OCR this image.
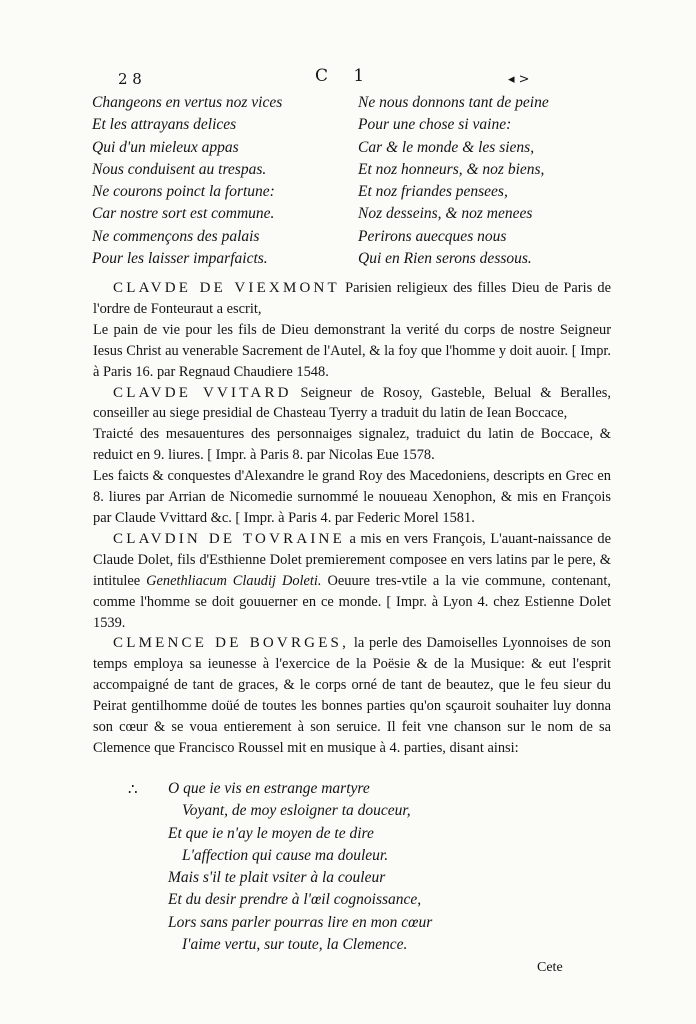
2 8	C 1	◂ >
Changeons en vertus noz vices
Et les attrayans delices
Qui d'un mieleux appas
Nous conduisent au trespas.
Ne courons poinct la fortune:
Car nostre sort est commune.
Ne commençons des palais
Pour les laisser imparfaicts.
Ne nous donnons tant de peine
Pour une chose si vaine:
Car & le monde & les siens,
Et noz honneurs, & noz biens,
Et noz friandes pensees,
Noz desseins, & noz menees
Perirons auecques nous
Qui en Rien serons dessous.

CLAVDE DE VIEXMONT Parisien religieux des filles Dieu de Paris de l'ordre de Fonteuraut a escrit,

Le pain de vie pour les fils de Dieu demonstrant la verité du corps de nostre Seigneur Iesus Christ au venerable Sacrement de l'Autel, & la foy que l'homme y doit auoir. [ Impr. à Paris 16. par Regnaud Chaudiere 1548.

CLAVDE VVITARD Seigneur de Rosoy, Gasteble, Belual & Beralles, conseiller au siege presidial de Chasteau Tyerry a traduit du latin de Iean Boccace,

Traicté des mesauentures des personnaiges signalez, traduict du latin de Boccace, & reduict en 9. liures. [ Impr. à Paris 8. par Nicolas Eue 1578.

Les faicts & conquestes d'Alexandre le grand Roy des Macedoniens, descripts en Grec en 8. liures par Arrian de Nicomedie surnommé le nouueau Xenophon, & mis en François par Claude Vvittard &c. [ Impr. à Paris 4. par Federic Morel 1581.

CLAVDIN DE TOVRAINE a mis en vers François, L'auant-naissance de Claude Dolet, fils d'Esthienne Dolet premierement composee en vers latins par le pere, & intitulee Genethliacum Claudij Doleti. Oeuure tres-vtile a la vie commune, contenant, comme l'homme se doit gouuerner en ce monde. [ Impr. à Lyon 4. chez Estienne Dolet 1539.

CLMENCE DE BOVRGES, la perle des Damoiselles Lyonnoises de son temps employa sa ieunesse à l'exercice de la Poësie & de la Musique: & eut l'esprit accompaigné de tant de graces, & le corps orné de tant de beautez, que le feu sieur du Peirat gentilhomme doüé de toutes les bonnes parties qu'on sçauroit souhaiter luy donna son cœur & se voua entierement à son seruice. Il feit vne chanson sur le nom de sa Clemence que Francisco Roussel mit en musique à 4. parties, disant ainsi:

∴ O que ie vis en estrange martyre
Voyant, de moy esloigner ta douceur,
Et que ie n'ay le moyen de te dire
L'affection qui cause ma douleur.
Mais s'il te plait vsiter à la couleur
Et du desir prendre à l'œil cognoissance,
Lors sans parler pourras lire en mon cœur
I'aime vertu, sur toute, la Clemence.
Cete
